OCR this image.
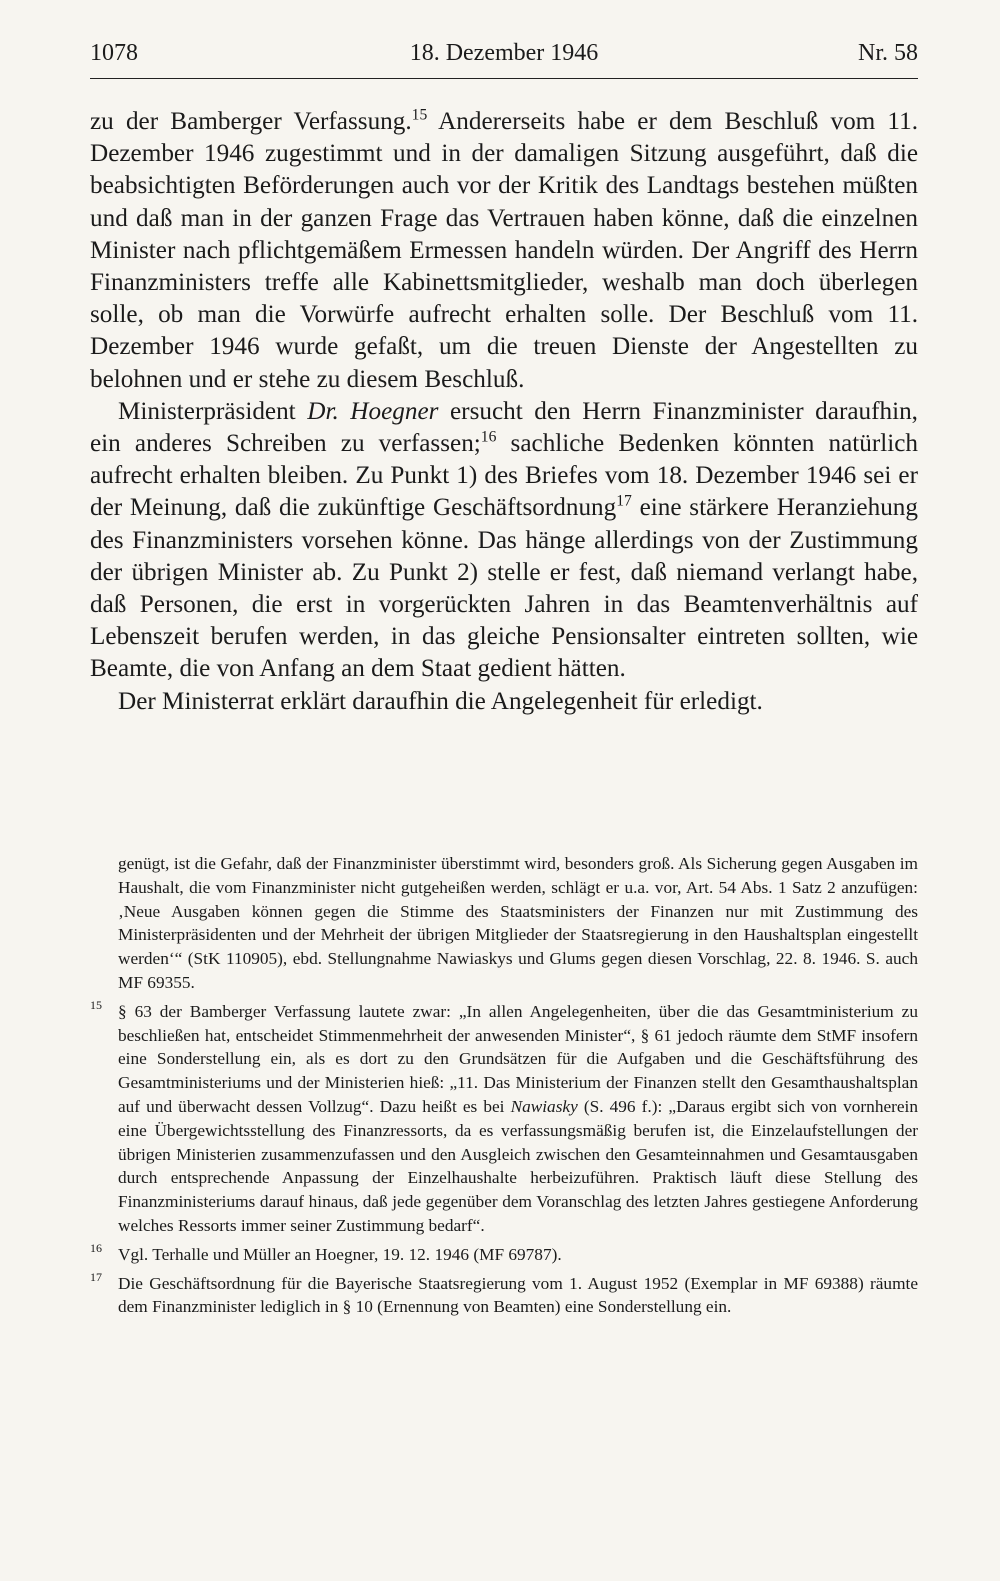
1078	18. Dezember 1946	Nr. 58

zu der Bamberger Verfassung.$^{15}$ Andererseits habe er dem Beschluß vom 11. Dezember 1946 zugestimmt und in der damaligen Sitzung ausgeführt, daß die beabsichtigten Beförderungen auch vor der Kritik des Landtags bestehen müßten und daß man in der ganzen Frage das Vertrauen haben könne, daß die einzelnen Minister nach pflichtgemäßem Ermessen handeln würden. Der Angriff des Herrn Finanzministers treffe alle Kabinettsmitglieder, weshalb man doch überlegen solle, ob man die Vorwürfe aufrecht erhalten solle. Der Beschluß vom 11. Dezember 1946 wurde gefaßt, um die treuen Dienste der Angestellten zu belohnen und er stehe zu diesem Beschluß.

Ministerpräsident Dr. Hoegner ersucht den Herrn Finanzminister daraufhin, ein anderes Schreiben zu verfassen;$^{16}$ sachliche Bedenken könnten natürlich aufrecht erhalten bleiben. Zu Punkt 1) des Briefes vom 18. Dezember 1946 sei er der Meinung, daß die zukünftige Geschäftsordnung$^{17}$ eine stärkere Heranziehung des Finanzministers vorsehen könne. Das hänge allerdings von der Zustimmung der übrigen Minister ab. Zu Punkt 2) stelle er fest, daß niemand verlangt habe, daß Personen, die erst in vorgerückten Jahren in das Beamtenverhältnis auf Lebenszeit berufen werden, in das gleiche Pensionsalter eintreten sollten, wie Beamte, die von Anfang an dem Staat gedient hätten.

Der Ministerrat erklärt daraufhin die Angelegenheit für erledigt.

genügt, ist die Gefahr, daß der Finanzminister überstimmt wird, besonders groß. Als Sicherung gegen Ausgaben im Haushalt, die vom Finanzminister nicht gutgeheißen werden, schlägt er u.a. vor, Art. 54 Abs. 1 Satz 2 anzufügen: ‚Neue Ausgaben können gegen die Stimme des Staatsministers der Finanzen nur mit Zustimmung des Ministerpräsidenten und der Mehrheit der übrigen Mitglieder der Staatsregierung in den Haushaltsplan eingestellt werden‘“ (StK 110905), ebd. Stellungnahme Nawiaskys und Glums gegen diesen Vorschlag, 22. 8. 1946. S. auch MF 69355.

15 § 63 der Bamberger Verfassung lautete zwar: „In allen Angelegenheiten, über die das Gesamtministerium zu beschließen hat, entscheidet Stimmenmehrheit der anwesenden Minister“, § 61 jedoch räumte dem StMF insofern eine Sonderstellung ein, als es dort zu den Grundsätzen für die Aufgaben und die Geschäftsführung des Gesamtministeriums und der Ministerien hieß: „11. Das Ministerium der Finanzen stellt den Gesamthaushaltsplan auf und überwacht dessen Vollzug“. Dazu heißt es bei Nawiasky (S. 496 f.): „Daraus ergibt sich von vornherein eine Übergewichtsstellung des Finanzressorts, da es verfassungsmäßig berufen ist, die Einzelaufstellungen der übrigen Ministerien zusammenzufassen und den Ausgleich zwischen den Gesamteinnahmen und Gesamtausgaben durch entsprechende Anpassung der Einzelhaushalte herbeizuführen. Praktisch läuft diese Stellung des Finanzministeriums darauf hinaus, daß jede gegenüber dem Voranschlag des letzten Jahres gestiegene Anforderung welches Ressorts immer seiner Zustimmung bedarf“.

16 Vgl. Terhalle und Müller an Hoegner, 19. 12. 1946 (MF 69787).

17 Die Geschäftsordnung für die Bayerische Staatsregierung vom 1. August 1952 (Exemplar in MF 69388) räumte dem Finanzminister lediglich in § 10 (Ernennung von Beamten) eine Sonderstellung ein.
